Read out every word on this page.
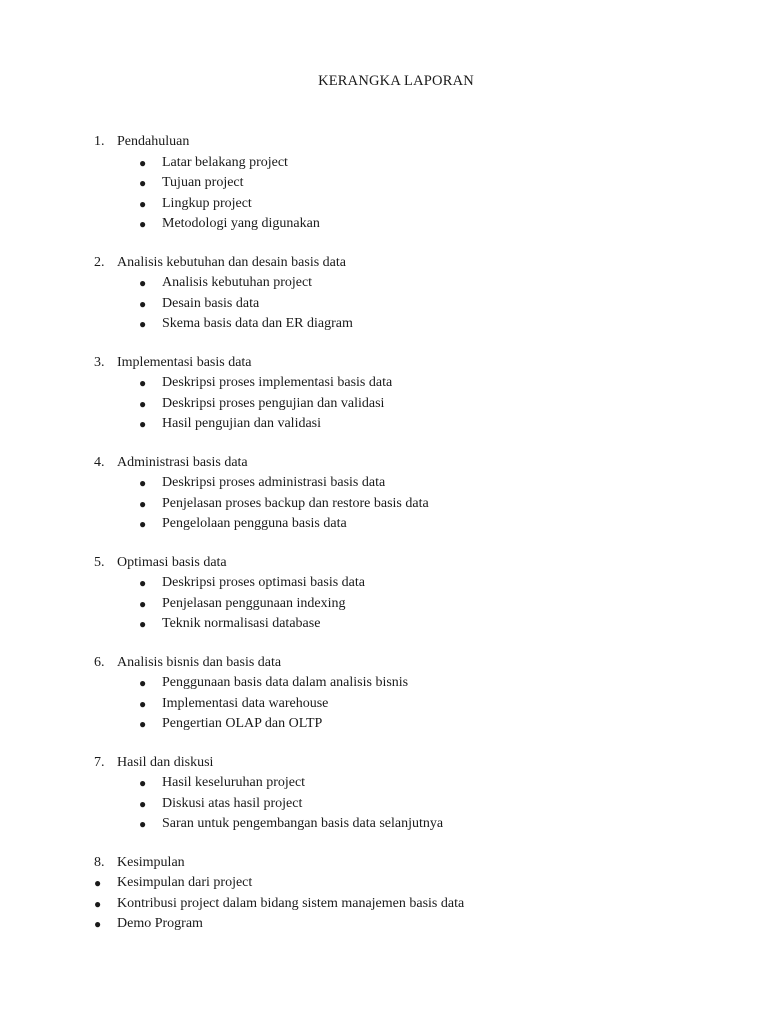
KERANGKA LAPORAN
1. Pendahuluan
● Latar belakang project
● Tujuan project
● Lingkup project
● Metodologi yang digunakan
2. Analisis kebutuhan dan desain basis data
● Analisis kebutuhan project
● Desain basis data
● Skema basis data dan ER diagram
3. Implementasi basis data
● Deskripsi proses implementasi basis data
● Deskripsi proses pengujian dan validasi
● Hasil pengujian dan validasi
4. Administrasi basis data
● Deskripsi proses administrasi basis data
● Penjelasan proses backup dan restore basis data
● Pengelolaan pengguna basis data
5. Optimasi basis data
● Deskripsi proses optimasi basis data
● Penjelasan penggunaan indexing
● Teknik normalisasi database
6. Analisis bisnis dan basis data
● Penggunaan basis data dalam analisis bisnis
● Implementasi data warehouse
● Pengertian OLAP dan OLTP
7. Hasil dan diskusi
● Hasil keseluruhan project
● Diskusi atas hasil project
● Saran untuk pengembangan basis data selanjutnya
8. Kesimpulan
● Kesimpulan dari project
● Kontribusi project dalam bidang sistem manajemen basis data
● Demo Program
